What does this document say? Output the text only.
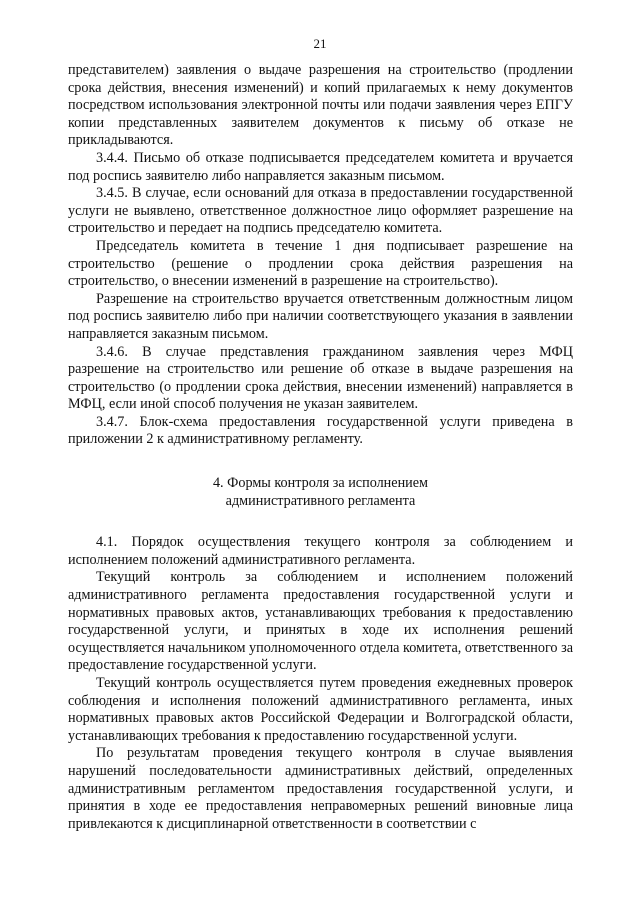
21

представителем) заявления о выдаче разрешения на строительство (продлении срока действия, внесения изменений) и копий прилагаемых к нему документов посредством использования электронной почты или подачи заявления через ЕПГУ копии представленных заявителем документов к письму об отказе не прикладываются.

3.4.4. Письмо об отказе подписывается председателем комитета и вручается под роспись заявителю либо направляется заказным письмом.

3.4.5. В случае, если оснований для отказа в предоставлении государственной услуги не выявлено, ответственное должностное лицо оформляет разрешение на строительство и передает на подпись председателю комитета.

Председатель комитета в течение 1 дня подписывает разрешение на строительство (решение о продлении срока действия разрешения на строительство, о внесении изменений в разрешение на строительство).

Разрешение на строительство вручается ответственным должностным лицом под роспись заявителю либо при наличии соответствующего указания в заявлении направляется заказным письмом.

3.4.6. В случае представления гражданином заявления через МФЦ разрешение на строительство или решение об отказе в выдаче разрешения на строительство (о продлении срока действия, внесении изменений) направляется в МФЦ, если иной способ получения не указан заявителем.

3.4.7. Блок-схема предоставления государственной услуги приведена в приложении 2 к административному регламенту.

4. Формы контроля за исполнением
административного регламента

4.1. Порядок осуществления текущего контроля за соблюдением и исполнением положений административного регламента.

Текущий контроль за соблюдением и исполнением положений административного регламента предоставления государственной услуги и нормативных правовых актов, устанавливающих требования к предоставлению государственной услуги, и принятых в ходе их исполнения решений осуществляется начальником уполномоченного отдела комитета, ответственного за предоставление государственной услуги.

Текущий контроль осуществляется путем проведения ежедневных проверок соблюдения и исполнения положений административного регламента, иных нормативных правовых актов Российской Федерации и Волгоградской области, устанавливающих требования к предоставлению государственной услуги.

По результатам проведения текущего контроля в случае выявления нарушений последовательности административных действий, определенных административным регламентом предоставления государственной услуги, и принятия в ходе ее предоставления неправомерных решений виновные лица привлекаются к дисциплинарной ответственности в соответствии с
